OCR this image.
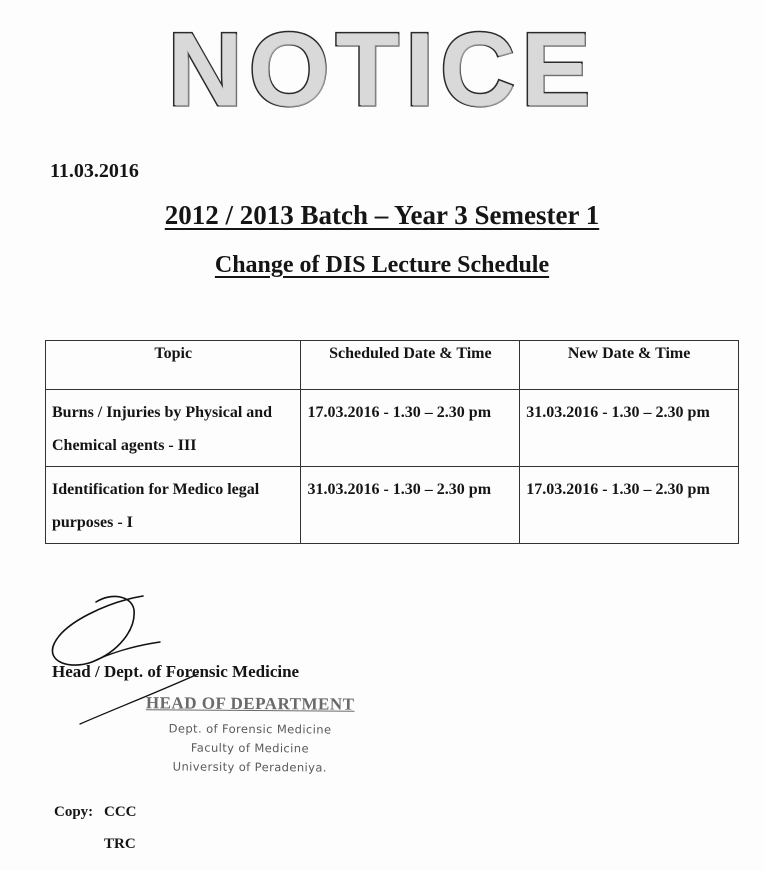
NOTICE
11.03.2016
2012 / 2013 Batch – Year 3 Semester 1
Change of DIS Lecture Schedule
Topic	Scheduled Date & Time	New Date & Time
Burns / Injuries by Physical and Chemical agents - III	17.03.2016 - 1.30 – 2.30 pm	31.03.2016 - 1.30 – 2.30 pm
Identification for Medico legal purposes - I	31.03.2016 - 1.30 – 2.30 pm	17.03.2016 - 1.30 – 2.30 pm
Head / Dept. of Forensic Medicine
HEAD OF DEPARTMENT
Dept. of Forensic Medicine
Faculty of Medicine
University of Peradeniya.
Copy: CCC
TRC
